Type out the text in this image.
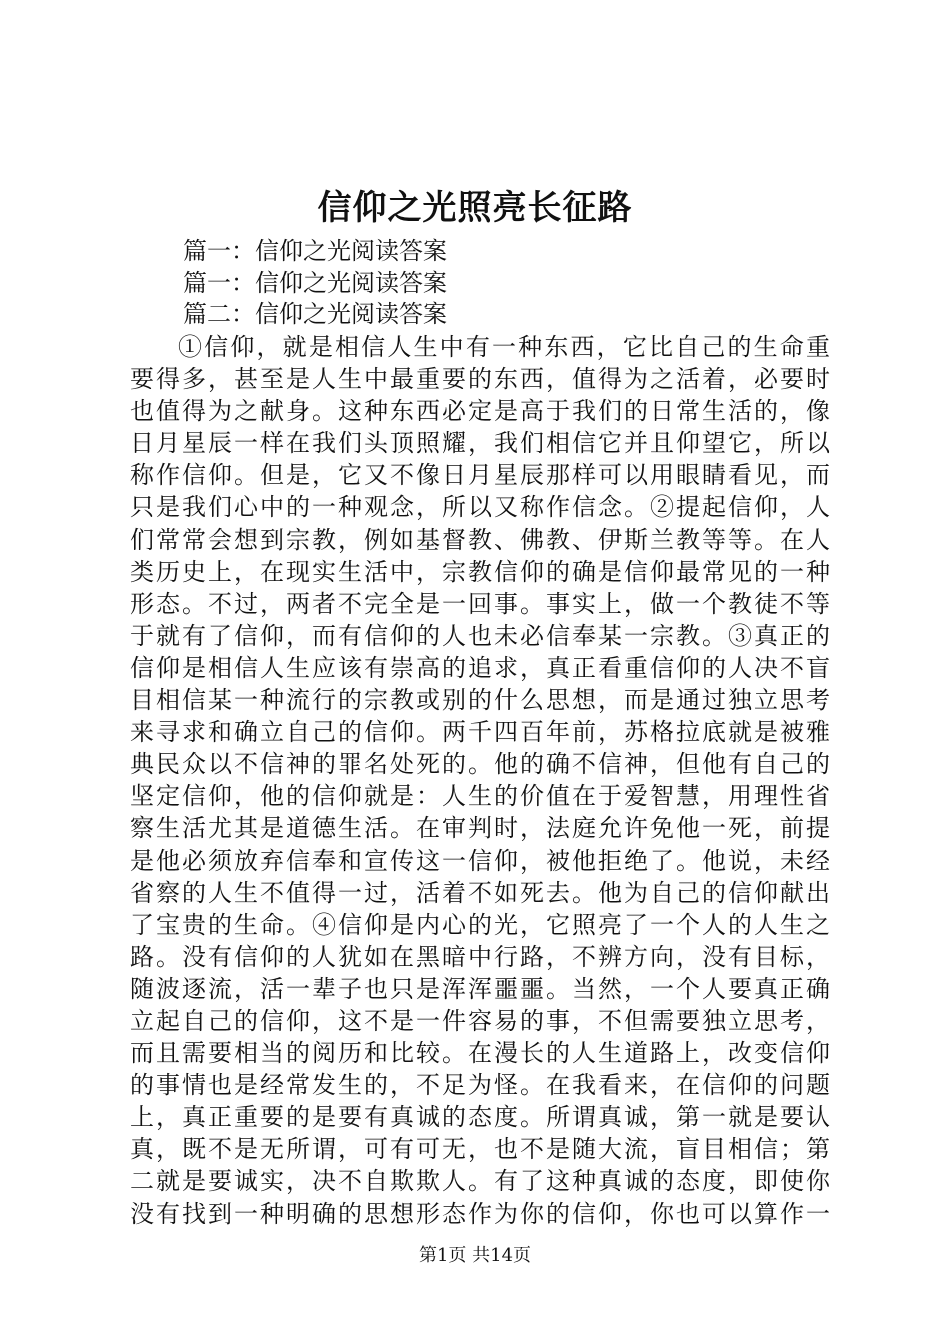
信仰之光照亮长征路
篇一：信仰之光阅读答案
篇一：信仰之光阅读答案
篇二：信仰之光阅读答案
①信仰，就是相信人生中有一种东西，它比自己的生命重
要得多，甚至是人生中最重要的东西，值得为之活着，必要时
也值得为之献身。这种东西必定是高于我们的日常生活的，像
日月星辰一样在我们头顶照耀，我们相信它并且仰望它，所以
称作信仰。但是，它又不像日月星辰那样可以用眼睛看见，而
只是我们心中的一种观念，所以又称作信念。②提起信仰，人
们常常会想到宗教，例如基督教、佛教、伊斯兰教等等。在人
类历史上，在现实生活中，宗教信仰的确是信仰最常见的一种
形态。不过，两者不完全是一回事。事实上，做一个教徒不等
于就有了信仰，而有信仰的人也未必信奉某一宗教。③真正的
信仰是相信人生应该有崇高的追求，真正看重信仰的人决不盲
目相信某一种流行的宗教或别的什么思想，而是通过独立思考
来寻求和确立自己的信仰。两千四百年前，苏格拉底就是被雅
典民众以不信神的罪名处死的。他的确不信神，但他有自己的
坚定信仰，他的信仰就是：人生的价值在于爱智慧，用理性省
察生活尤其是道德生活。在审判时，法庭允许免他一死，前提
是他必须放弃信奉和宣传这一信仰，被他拒绝了。他说，未经
省察的人生不值得一过，活着不如死去。他为自己的信仰献出
了宝贵的生命。④信仰是内心的光，它照亮了一个人的人生之
路。没有信仰的人犹如在黑暗中行路，不辨方向，没有目标，
随波逐流，活一辈子也只是浑浑噩噩。当然，一个人要真正确
立起自己的信仰，这不是一件容易的事，不但需要独立思考，
而且需要相当的阅历和比较。在漫长的人生道路上，改变信仰
的事情也是经常发生的，不足为怪。在我看来，在信仰的问题
上，真正重要的是要有真诚的态度。所谓真诚，第一就是要认
真，既不是无所谓，可有可无，也不是随大流，盲目相信；第
二就是要诚实，决不自欺欺人。有了这种真诚的态度，即使你
没有找到一种明确的思想形态作为你的信仰，你也可以算作一
第1页 共14页
